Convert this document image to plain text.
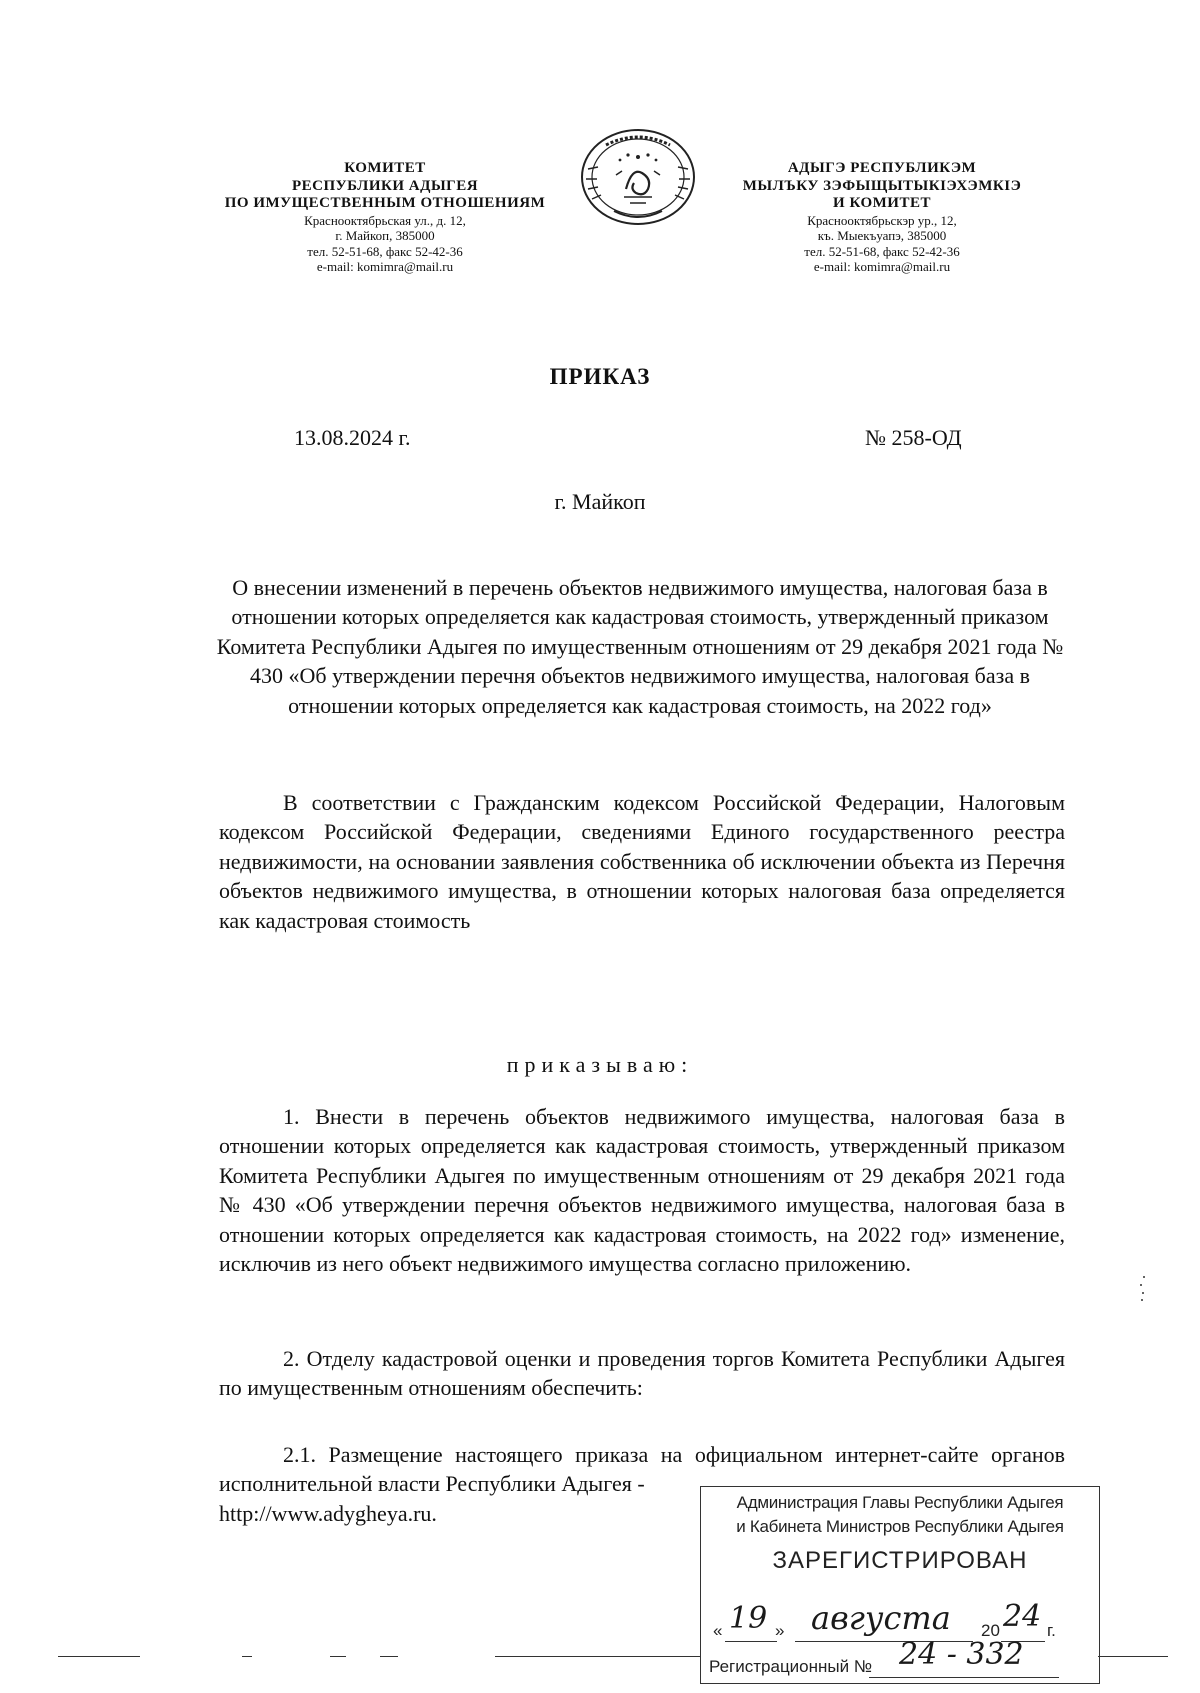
КОМИТЕТ
РЕСПУБЛИКИ АДЫГЕЯ
ПО ИМУЩЕСТВЕННЫМ ОТНОШЕНИЯМ
Краснооктябрьская ул., д. 12,
г. Майкоп, 385000
тел. 52-51-68, факс 52-42-36
e-mail: komimra@mail.ru
АДЫГЭ РЕСПУБЛИКЭМ
МЫЛЪКУ ЗЭФЫЩЫТЫКІЭХЭМКІЭ
И КОМИТЕТ
Краснооктябрьскэр ур., 12,
къ. Мыекъуапэ, 385000
тел. 52-51-68, факс 52-42-36
e-mail: komimra@mail.ru
ПРИКАЗ
13.08.2024 г.	№ 258-ОД
г. Майкоп
О внесении изменений в перечень объектов недвижимого имущества, налоговая база в отношении которых определяется как кадастровая стоимость, утвержденный приказом Комитета Республики Адыгея по имущественным отношениям от 29 декабря 2021 года № 430 «Об утверждении перечня объектов недвижимого имущества, налоговая база в отношении которых определяется как кадастровая стоимость, на 2022 год»
В соответствии с Гражданским кодексом Российской Федерации, Налоговым кодексом Российской Федерации, сведениями Единого государственного реестра недвижимости, на основании заявления собственника об исключении объекта из Перечня объектов недвижимого имущества, в отношении которых налоговая база определяется как кадастровая стоимость
приказываю:
1. Внести в перечень объектов недвижимого имущества, налоговая база в отношении которых определяется как кадастровая стоимость, утвержденный приказом Комитета Республики Адыгея по имущественным отношениям от 29 декабря 2021 года № 430 «Об утверждении перечня объектов недвижимого имущества, налоговая база в отношении которых определяется как кадастровая стоимость, на 2022 год» изменение, исключив из него объект недвижимого имущества согласно приложению.
2. Отделу кадастровой оценки и проведения торгов Комитета Республики Адыгея по имущественным отношениям обеспечить:
2.1. Размещение настоящего приказа на официальном интернет-сайте органов исполнительной власти Республики Адыгея -
http://www.adygheya.ru.	Администрация Главы Республики Адыгея
и Кабинета Министров Республики Адыгея
ЗАРЕГИСТРИРОВАН
« 19 » августа 20 24 г.
Регистрационный № 24 - 332
